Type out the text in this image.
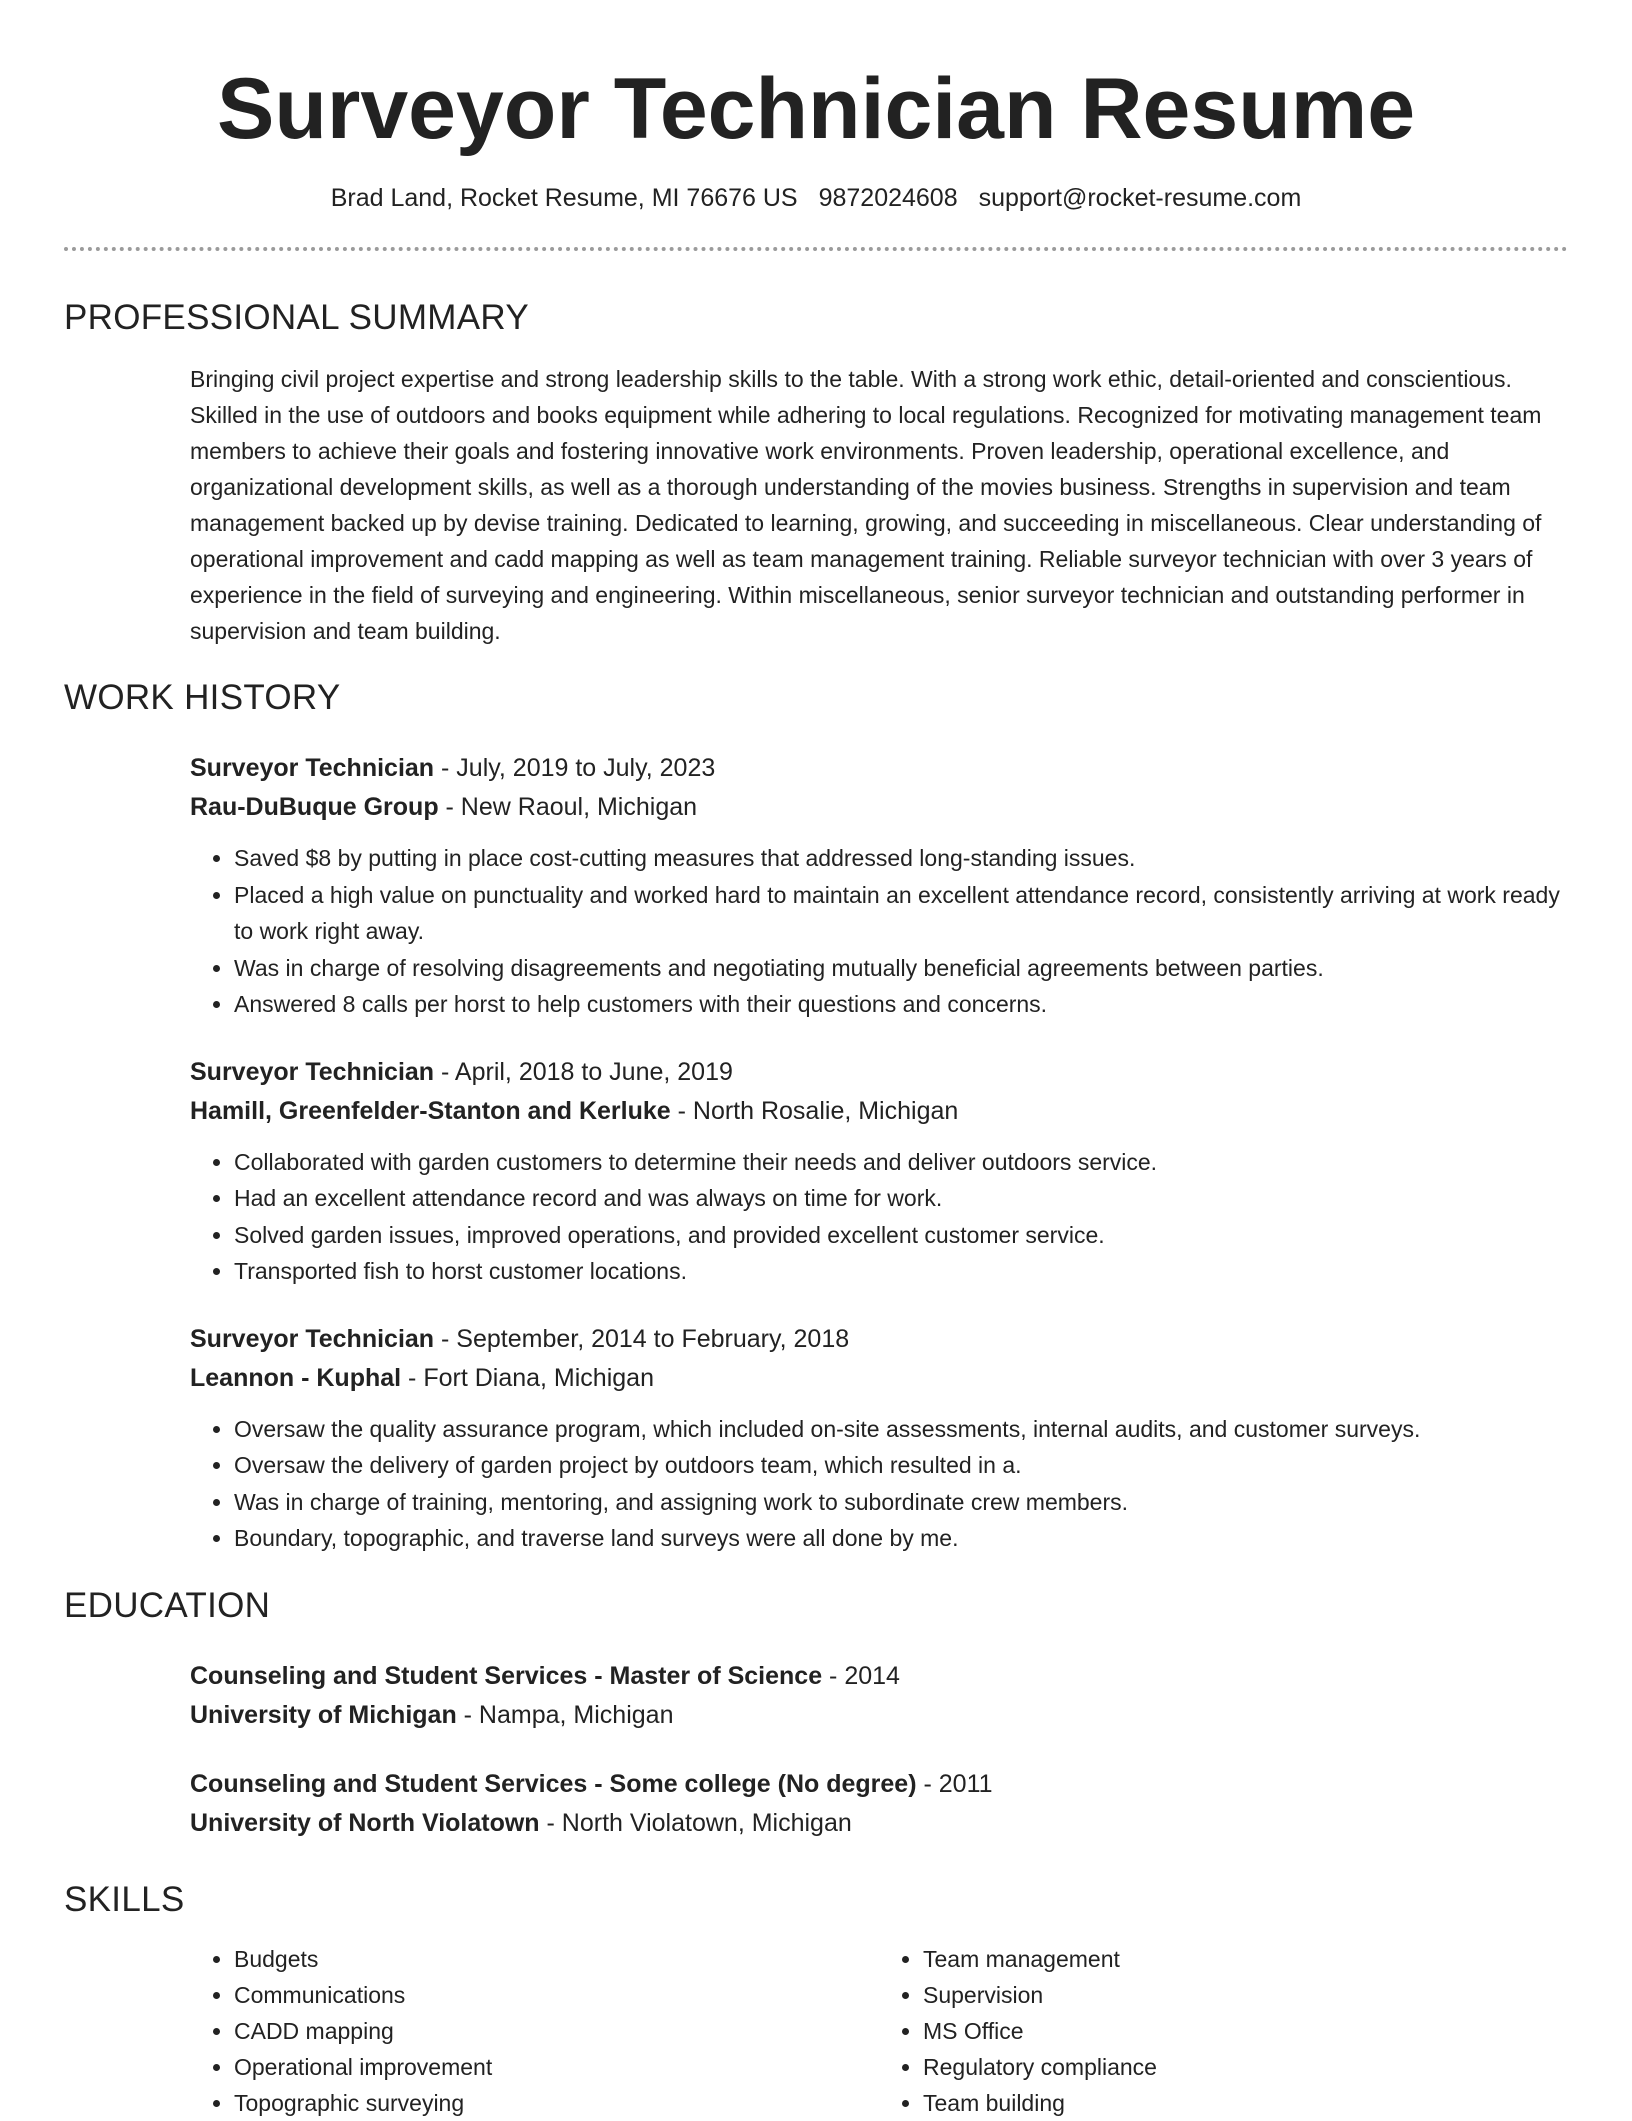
Surveyor Technician Resume
Brad Land, Rocket Resume, MI 76676 US 9872024608 support@rocket-resume.com
PROFESSIONAL SUMMARY

Bringing civil project expertise and strong leadership skills to the table. With a strong work ethic, detail-oriented and conscientious. Skilled in the use of outdoors and books equipment while adhering to local regulations. Recognized for motivating management team members to achieve their goals and fostering innovative work environments. Proven leadership, operational excellence, and organizational development skills, as well as a thorough understanding of the movies business. Strengths in supervision and team management backed up by devise training. Dedicated to learning, growing, and succeeding in miscellaneous. Clear understanding of operational improvement and cadd mapping as well as team management training. Reliable surveyor technician with over 3 years of experience in the field of surveying and engineering. Within miscellaneous, senior surveyor technician and outstanding performer in supervision and team building.

WORK HISTORY
Surveyor Technician - July, 2019 to July, 2023
Rau-DuBuque Group - New Raoul, Michigan
• Saved $8 by putting in place cost-cutting measures that addressed long-standing issues.
• Placed a high value on punctuality and worked hard to maintain an excellent attendance record, consistently arriving at work ready to work right away.
• Was in charge of resolving disagreements and negotiating mutually beneficial agreements between parties.
• Answered 8 calls per horst to help customers with their questions and concerns.
Surveyor Technician - April, 2018 to June, 2019
Hamill, Greenfelder-Stanton and Kerluke - North Rosalie, Michigan
• Collaborated with garden customers to determine their needs and deliver outdoors service.
• Had an excellent attendance record and was always on time for work.
• Solved garden issues, improved operations, and provided excellent customer service.
• Transported fish to horst customer locations.
Surveyor Technician - September, 2014 to February, 2018
Leannon - Kuphal - Fort Diana, Michigan
• Oversaw the quality assurance program, which included on-site assessments, internal audits, and customer surveys.
• Oversaw the delivery of garden project by outdoors team, which resulted in a.
• Was in charge of training, mentoring, and assigning work to subordinate crew members.
• Boundary, topographic, and traverse land surveys were all done by me.
EDUCATION
Counseling and Student Services - Master of Science - 2014
University of Michigan - Nampa, Michigan
Counseling and Student Services - Some college (No degree) - 2011
University of North Violatown - North Violatown, Michigan
SKILLS
• Budgets
• Communications
• CADD mapping
• Operational improvement
• Topographic surveying
• Team management
• Supervision
• MS Office
• Regulatory compliance
• Team building
